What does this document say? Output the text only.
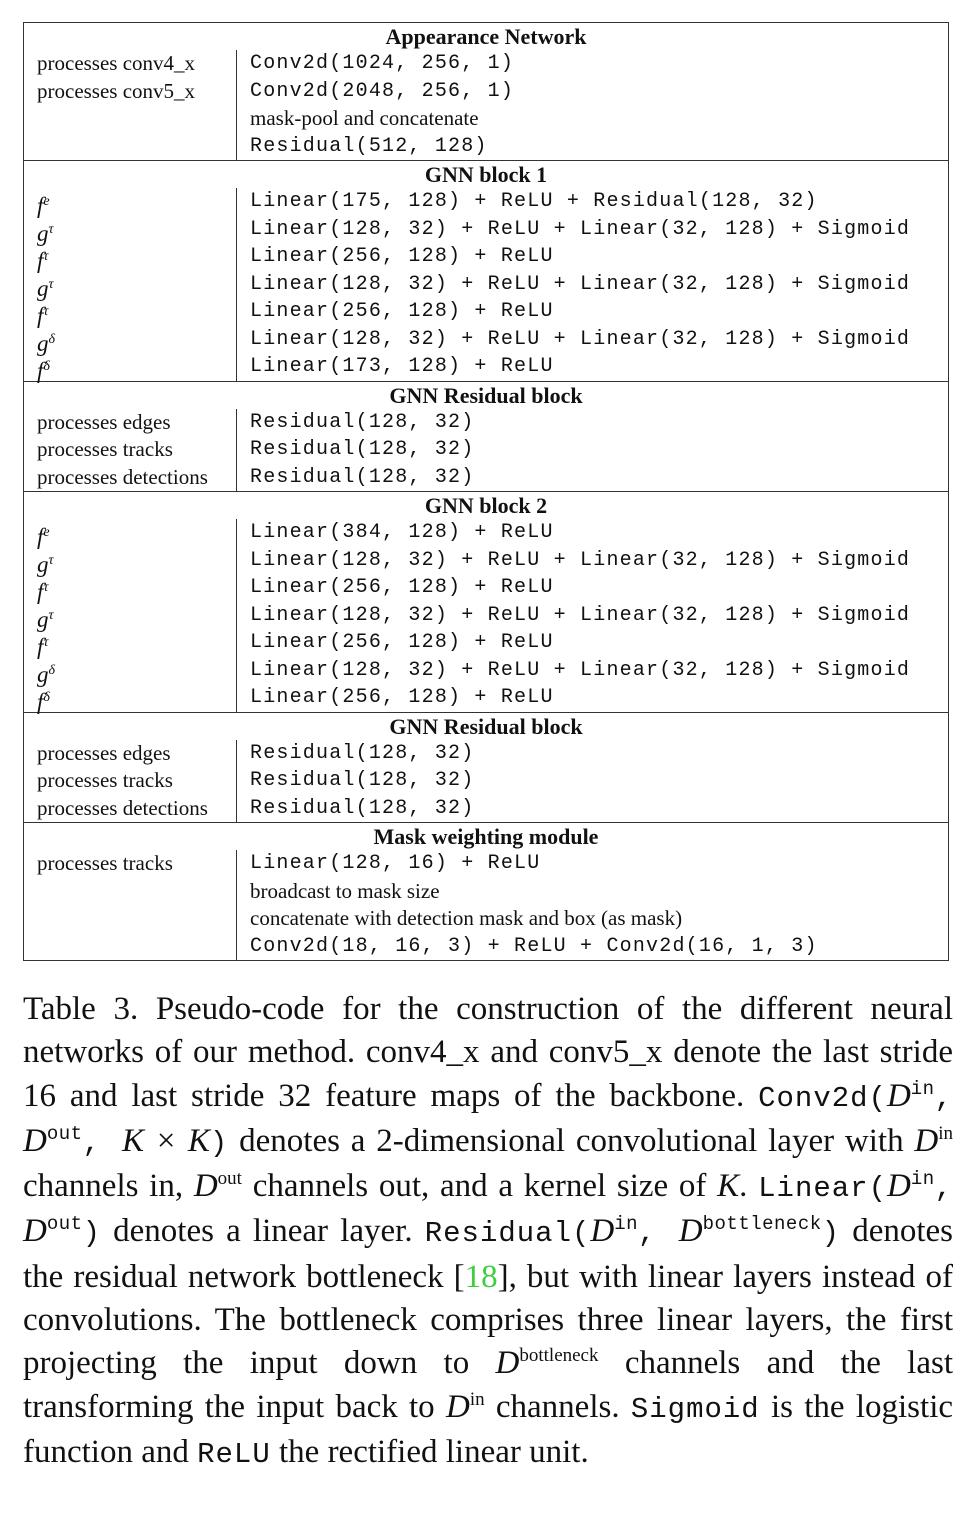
Appearance Network
processes conv4_x
processes conv5_x
Conv2d(1024, 256, 1)
Conv2d(2048, 256, 1)
mask-pool and concatenate
Residual(512, 128)
GNN block 1
$f^e$
$g^\tau$
$f^\tau$
$g^\tau$
$f^\tau$
$g^\delta$
$f^\delta$
Linear(175, 128) + ReLU + Residual(128, 32)
Linear(128, 32) + ReLU + Linear(32, 128) + Sigmoid
Linear(256, 128) + ReLU
Linear(128, 32) + ReLU + Linear(32, 128) + Sigmoid
Linear(256, 128) + ReLU
Linear(128, 32) + ReLU + Linear(32, 128) + Sigmoid
Linear(173, 128) + ReLU
GNN Residual block
processes edges
processes tracks
processes detections
Residual(128, 32)
Residual(128, 32)
Residual(128, 32)
GNN block 2
$f^e$
$g^\tau$
$f^\tau$
$g^\tau$
$f^\tau$
$g^\delta$
$f^\delta$
Linear(384, 128) + ReLU
Linear(128, 32) + ReLU + Linear(32, 128) + Sigmoid
Linear(256, 128) + ReLU
Linear(128, 32) + ReLU + Linear(32, 128) + Sigmoid
Linear(256, 128) + ReLU
Linear(128, 32) + ReLU + Linear(32, 128) + Sigmoid
Linear(256, 128) + ReLU
GNN Residual block
processes edges
processes tracks
processes detections
Residual(128, 32)
Residual(128, 32)
Residual(128, 32)
Mask weighting module
processes tracks	Linear(128, 16) + ReLU
broadcast to mask size
concatenate with detection mask and box (as mask)
Conv2d(18, 16, 3) + ReLU + Conv2d(16, 1, 3)
Table 3. Pseudo-code for the construction of the different neural networks of our method. conv4_x and conv5_x denote the last stride 16 and last stride 32 feature maps of the backbone. $Conv2d(D^{in}$, $D^{out}$, K × K) denotes a 2-dimensional convolutional layer with $D^{in}$ channels in, $D^{out}$ channels out, and a kernel size of K. $Linear(D^{in}$, $D^{out}$) denotes a linear layer. $Residual(D^{in}$, $D^{bottleneck}$) denotes the residual network bottleneck [18], but with linear layers instead of convolutions. The bottleneck comprises three linear layers, the first projecting the input down to $D^{bottleneck}$ channels and the last transforming the input back to $D^{in}$ channels. Sigmoid is the logistic function and ReLU the rectified linear unit.
